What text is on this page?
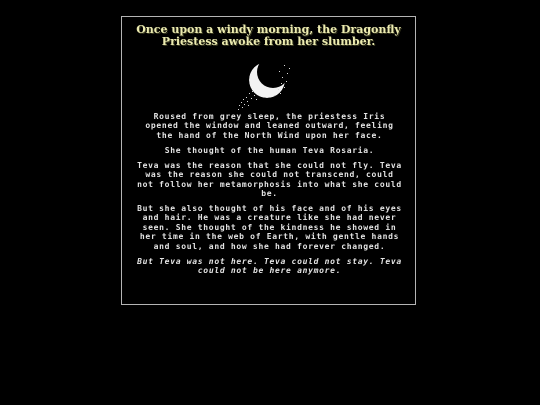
Once upon a windy morning, the Dragonfly
Priestess awoke from her slumber.

Roused from grey sleep, the priestess Iris opened the window and leaned outward, feeling the hand of the North Wind upon her face.

She thought of the human Teva Rosaria.

Teva was the reason that she could not fly. Teva was the reason she could not transcend, could not follow her metamorphosis into what she could be.

But she also thought of his face and of his eyes and hair. He was a creature like she had never seen. She thought of the kindness he showed in her time in the web of Earth, with gentle hands and soul, and how she had forever changed.

But Teva was not here. Teva could not stay. Teva could not be here anymore.
